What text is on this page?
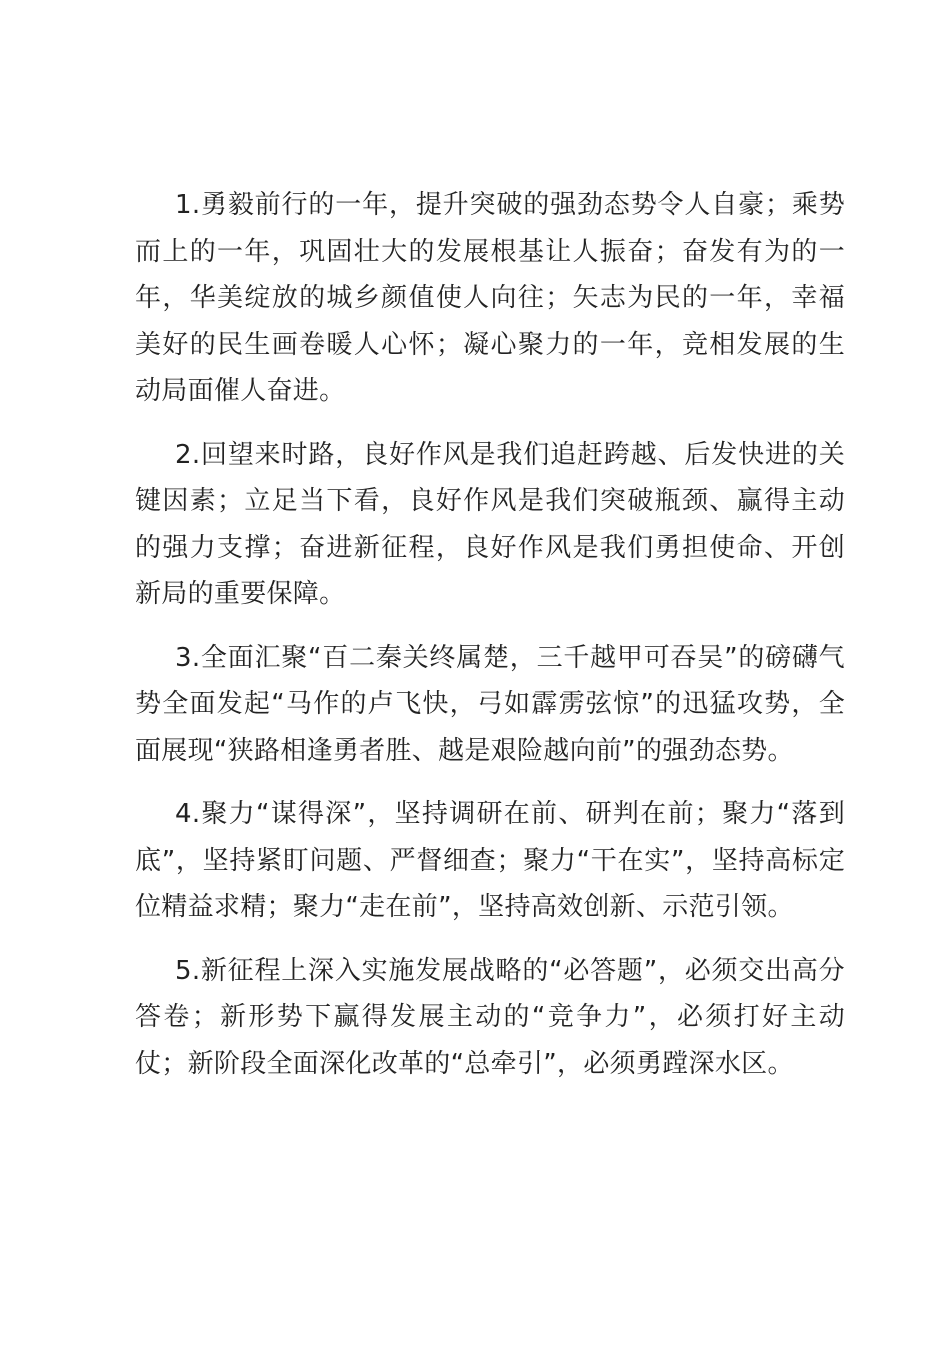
1.勇毅前行的一年，提升突破的强劲态势令人自豪；乘势而上的一年，巩固壮大的发展根基让人振奋；奋发有为的一年，华美绽放的城乡颜值使人向往；矢志为民的一年，幸福美好的民生画卷暖人心怀；凝心聚力的一年，竞相发展的生动局面催人奋进。

2.回望来时路，良好作风是我们追赶跨越、后发快进的关键因素；立足当下看，良好作风是我们突破瓶颈、赢得主动的强力支撑；奋进新征程，良好作风是我们勇担使命、开创新局的重要保障。

3.全面汇聚“百二秦关终属楚，三千越甲可吞吴”的磅礴气势全面发起“马作的卢飞快，弓如霹雳弦惊”的迅猛攻势，全面展现“狭路相逢勇者胜、越是艰险越向前”的强劲态势。

4.聚力“谋得深”，坚持调研在前、研判在前；聚力“落到底”，坚持紧盯问题、严督细查；聚力“干在实”，坚持高标定位精益求精；聚力“走在前”，坚持高效创新、示范引领。

5.新征程上深入实施发展战略的“必答题”，必须交出高分答卷；新形势下赢得发展主动的“竞争力”，必须打好主动仗；新阶段全面深化改革的“总牵引”，必须勇蹚深水区。
